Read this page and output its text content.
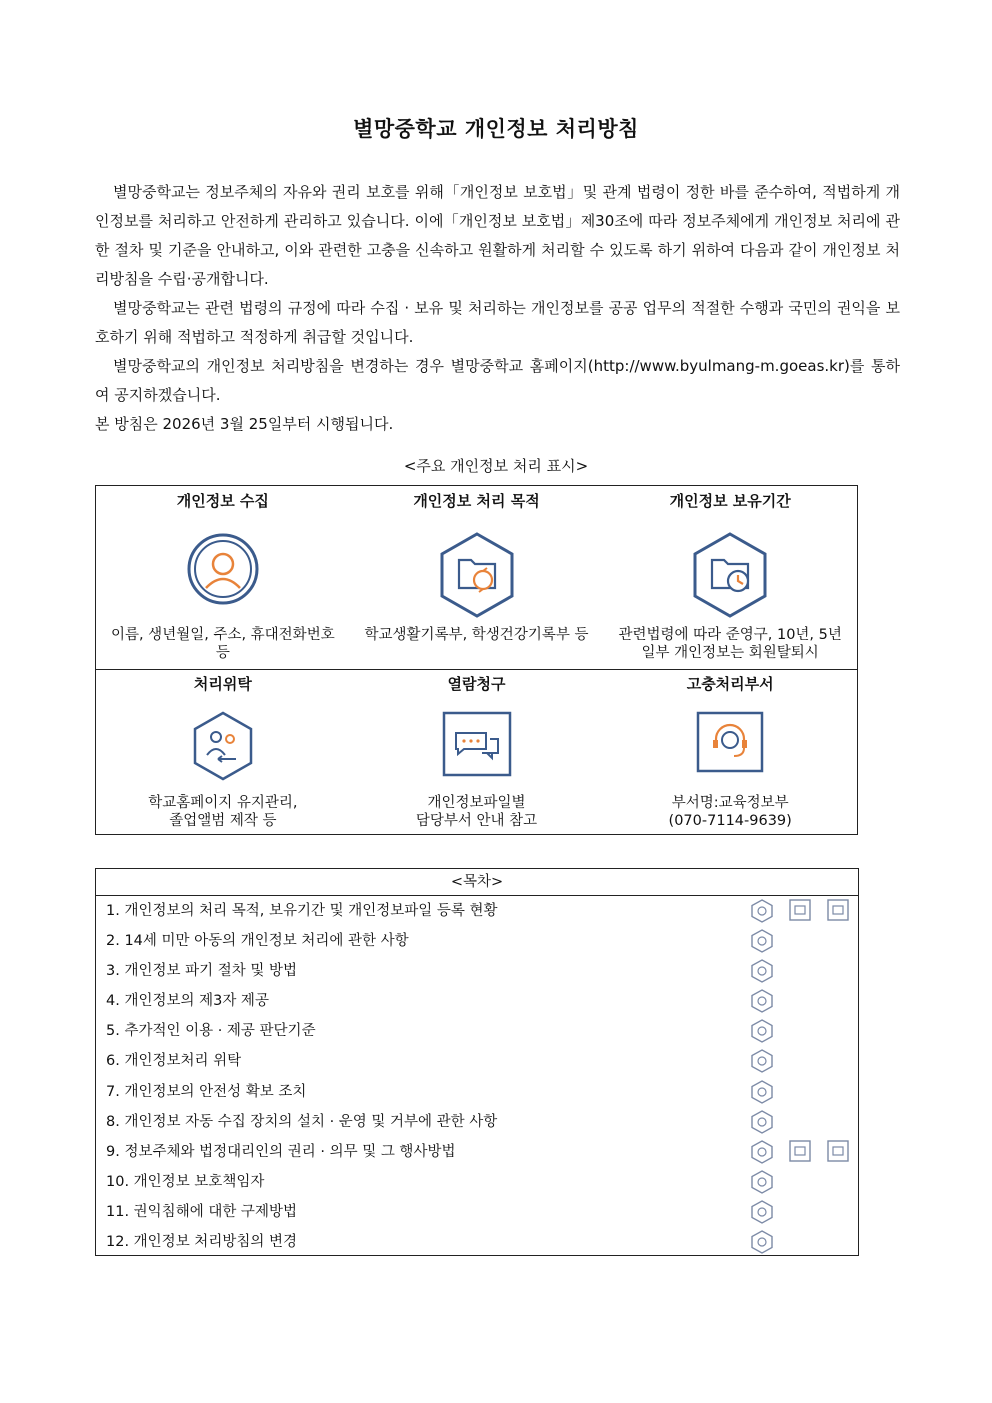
별망중학교 개인정보 처리방침

별망중학교는 정보주체의 자유와 권리 보호를 위해「개인정보 보호법」및 관계 법령이 정한 바를 준수하여, 적법하게 개인정보를 처리하고 안전하게 관리하고 있습니다. 이에「개인정보 보호법」제30조에 따라 정보주체에게 개인정보 처리에 관한 절차 및 기준을 안내하고, 이와 관련한 고충을 신속하고 원활하게 처리할 수 있도록 하기 위하여 다음과 같이 개인정보 처리방침을 수립·공개합니다.

별망중학교는 관련 법령의 규정에 따라 수집 · 보유 및 처리하는 개인정보를 공공 업무의 적절한 수행과 국민의 권익을 보호하기 위해 적법하고 적정하게 취급할 것입니다.

별망중학교의 개인정보 처리방침을 변경하는 경우 별망중학교 홈페이지(http://www.byulmang-m.goeas.kr)를 통하여 공지하겠습니다.

본 방침은 2026년 3월 25일부터 시행됩니다.

<주요 개인정보 처리 표시>
개인정보 수집
이름, 생년월일, 주소, 휴대전화번호
등
개인정보 처리 목적
학교생활기록부, 학생건강기록부 등
개인정보 보유기간
관련법령에 따라 준영구, 10년, 5년
일부 개인정보는 회원탈퇴시
처리위탁
학교홈페이지 유지관리,
졸업앨범 제작 등
열람청구
개인정보파일별
담당부서 안내 참고
고충처리부서
부서명:교육정보부
(070-7114-9639)
<목차>
1. 개인정보의 처리 목적, 보유기간 및 개인정보파일 등록 현황
2. 14세 미만 아동의 개인정보 처리에 관한 사항
3. 개인정보 파기 절차 및 방법
4. 개인정보의 제3자 제공
5. 추가적인 이용 · 제공 판단기준
6. 개인정보처리 위탁
7. 개인정보의 안전성 확보 조치
8. 개인정보 자동 수집 장치의 설치 · 운영 및 거부에 관한 사항
9. 정보주체와 법정대리인의 권리 · 의무 및 그 행사방법
10. 개인정보 보호책임자
11. 권익침해에 대한 구제방법
12. 개인정보 처리방침의 변경
